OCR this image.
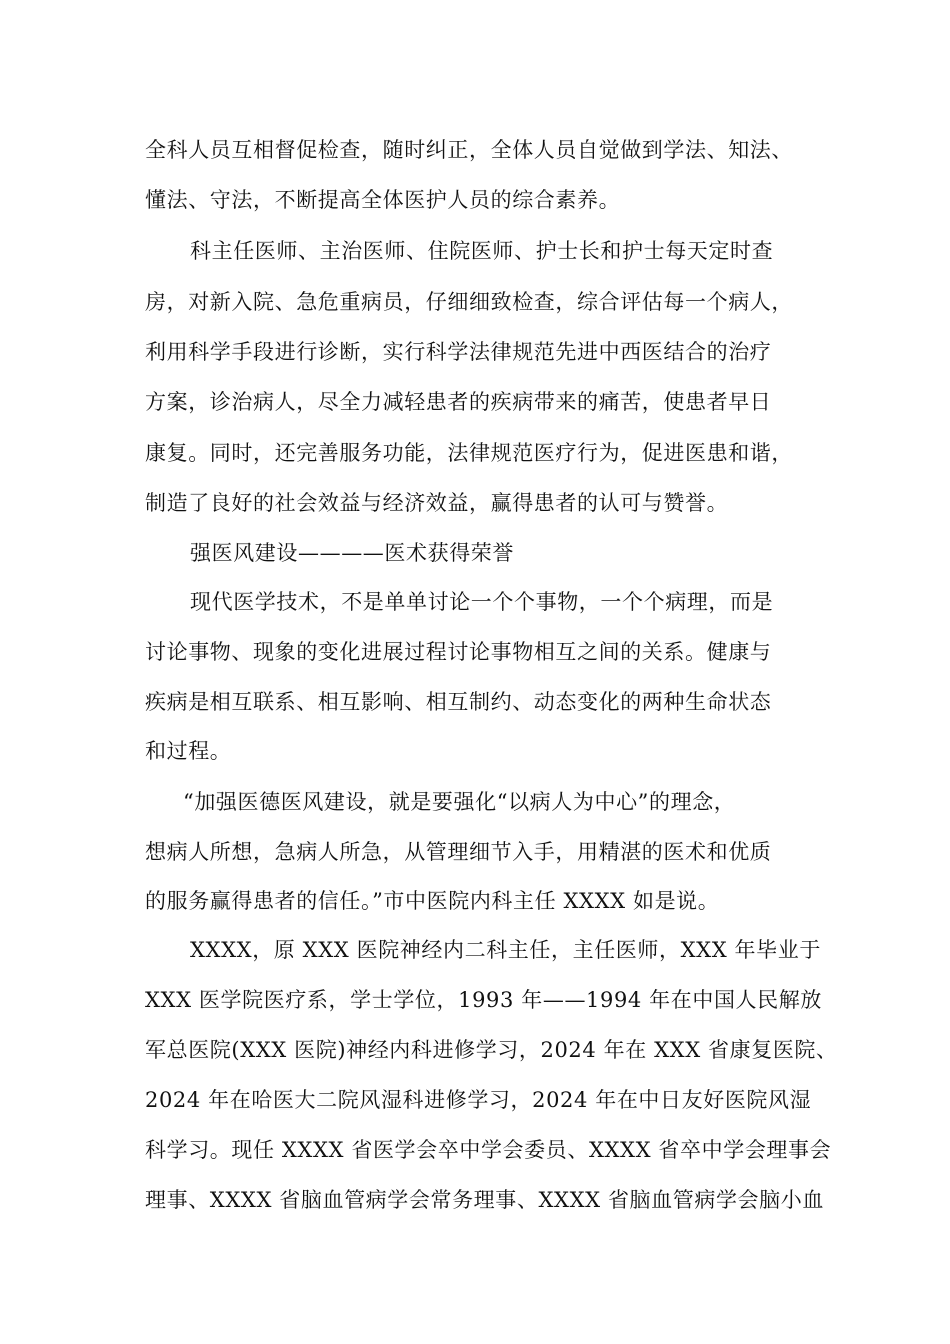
全科人员互相督促检查，随时纠正，全体人员自觉做到学法、知法、
懂法、守法，不断提高全体医护人员的综合素养。
科主任医师、主治医师、住院医师、护士长和护士每天定时查
房，对新入院、急危重病员，仔细细致检查，综合评估每一个病人，
利用科学手段进行诊断，实行科学法律规范先进中西医结合的治疗
方案，诊治病人，尽全力减轻患者的疾病带来的痛苦，使患者早日
康复。同时，还完善服务功能，法律规范医疗行为，促进医患和谐，
制造了良好的社会效益与经济效益，赢得患者的认可与赞誉。
强医风建设————医术获得荣誉
现代医学技术，不是单单讨论一个个事物，一个个病理，而是
讨论事物、现象的变化进展过程讨论事物相互之间的关系。健康与
疾病是相互联系、相互影响、相互制约、动态变化的两种生命状态
和过程。
“加强医德医风建设，就是要强化“以病人为中心”的理念，
想病人所想，急病人所急，从管理细节入手，用精湛的医术和优质
的服务赢得患者的信任。”市中医院内科主任 XXXX 如是说。
XXXX，原 XXX 医院神经内二科主任，主任医师，XXX 年毕业于
XXX 医学院医疗系，学士学位，1993 年——1994 年在中国人民解放
军总医院(XXX 医院)神经内科进修学习，2024 年在 XXX 省康复医院、
2024 年在哈医大二院风湿科进修学习，2024 年在中日友好医院风湿
科学习。现任 XXXX 省医学会卒中学会委员、XXXX 省卒中学会理事会
理事、XXXX 省脑血管病学会常务理事、XXXX 省脑血管病学会脑小血
